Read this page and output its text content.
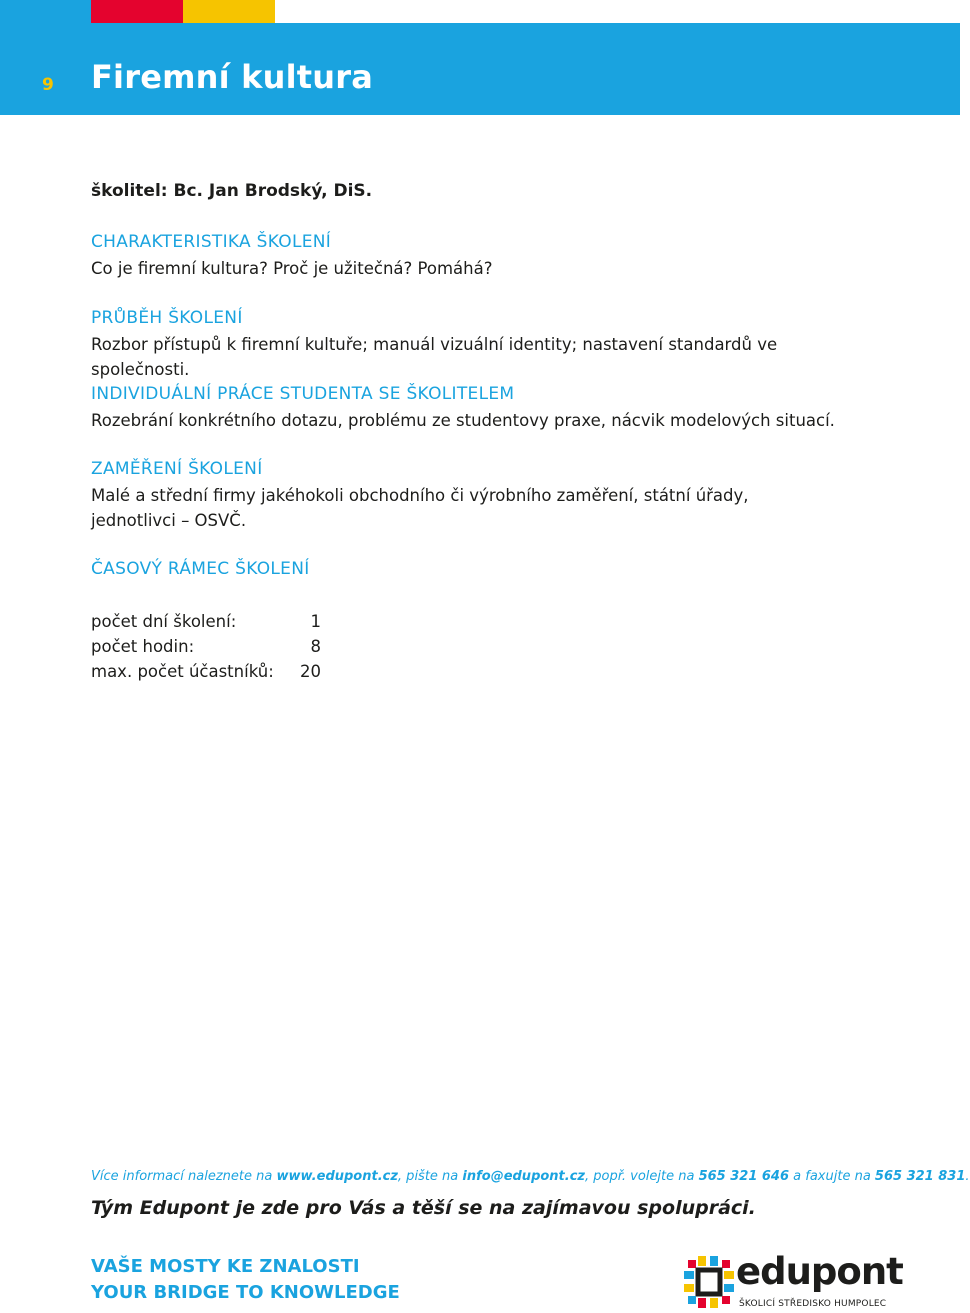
9 Firemní kultura
školitel: Bc. Jan Brodský, DiS.
CHARAKTERISTIKA ŠKOLENÍ
Co je firemní kultura? Proč je užitečná? Pomáhá?
PRŮBĚH ŠKOLENÍ
Rozbor přístupů k firemní kultuře; manuál vizuální identity; nastavení standardů ve společnosti.
INDIVIDUÁLNÍ PRÁCE STUDENTA SE ŠKOLITELEM
Rozebrání konkrétního dotazu, problému ze studentovy praxe, nácvik modelových situací.
ZAMĚŘENÍ ŠKOLENÍ
Malé a střední firmy jakéhokoli obchodního či výrobního zaměření, státní úřady, jednotlivci – OSVČ.
ČASOVÝ RÁMEC ŠKOLENÍ
počet dní školení:	1
počet hodin:	8
max. počet účastníků:	20
Více informací naleznete na www.edupont.cz, pište na info@edupont.cz, popř. volejte na 565 321 646 a faxujte na 565 321 831.
Tým Edupont je zde pro Vás a těší se na zajímavou spolupráci.
VAŠE MOSTY KE ZNALOSTI
YOUR BRIDGE TO KNOWLEDGE	edupont
ŠKOLICÍ STŘEDISKO HUMPOLEC
